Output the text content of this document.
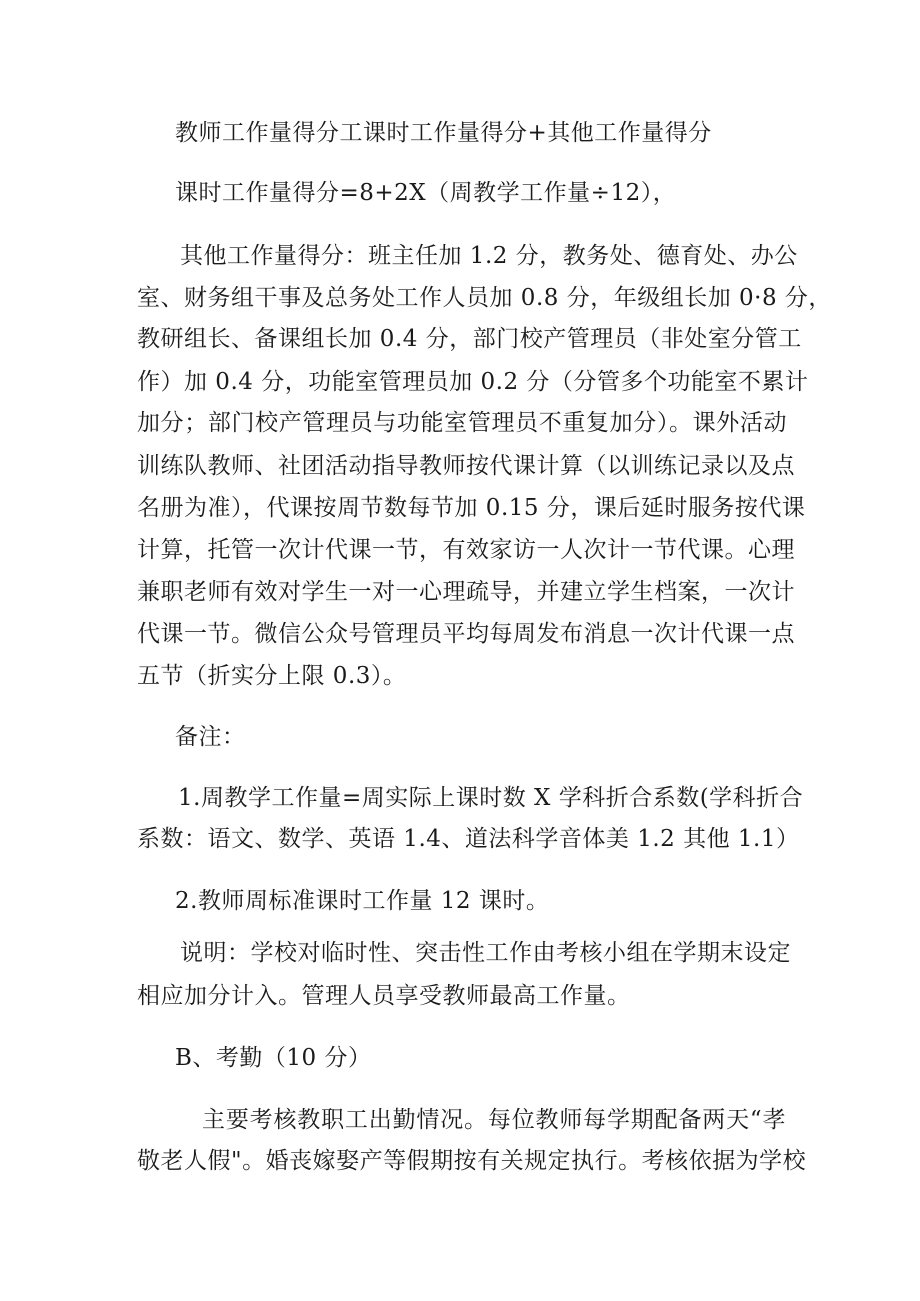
教师工作量得分工课时工作量得分+其他工作量得分
课时工作量得分=8+2X（周教学工作量÷12），
其他工作量得分：班主任加 1.2 分，教务处、德育处、办公
室、财务组干事及总务处工作人员加 0.8 分，年级组长加 0·8 分，
教研组长、备课组长加 0.4 分，部门校产管理员（非处室分管工
作）加 0.4 分，功能室管理员加 0.2 分（分管多个功能室不累计
加分；部门校产管理员与功能室管理员不重复加分）。课外活动
训练队教师、社团活动指导教师按代课计算（以训练记录以及点
名册为准），代课按周节数每节加 0.15 分，课后延时服务按代课
计算，托管一次计代课一节，有效家访一人次计一节代课。心理
兼职老师有效对学生一对一心理疏导，并建立学生档案，一次计
代课一节。微信公众号管理员平均每周发布消息一次计代课一点
五节（折实分上限 0.3）。
备注：
1.周教学工作量=周实际上课时数 X 学科折合系数(学科折合
系数：语文、数学、英语 1.4、道法科学音体美 1.2 其他 1.1）
2.教师周标准课时工作量 12 课时。
说明：学校对临时性、突击性工作由考核小组在学期末设定
相应加分计入。管理人员享受教师最高工作量。
B、考勤（10 分）
主要考核教职工出勤情况。每位教师每学期配备两天“孝
敬老人假"。婚丧嫁娶产等假期按有关规定执行。考核依据为学校
